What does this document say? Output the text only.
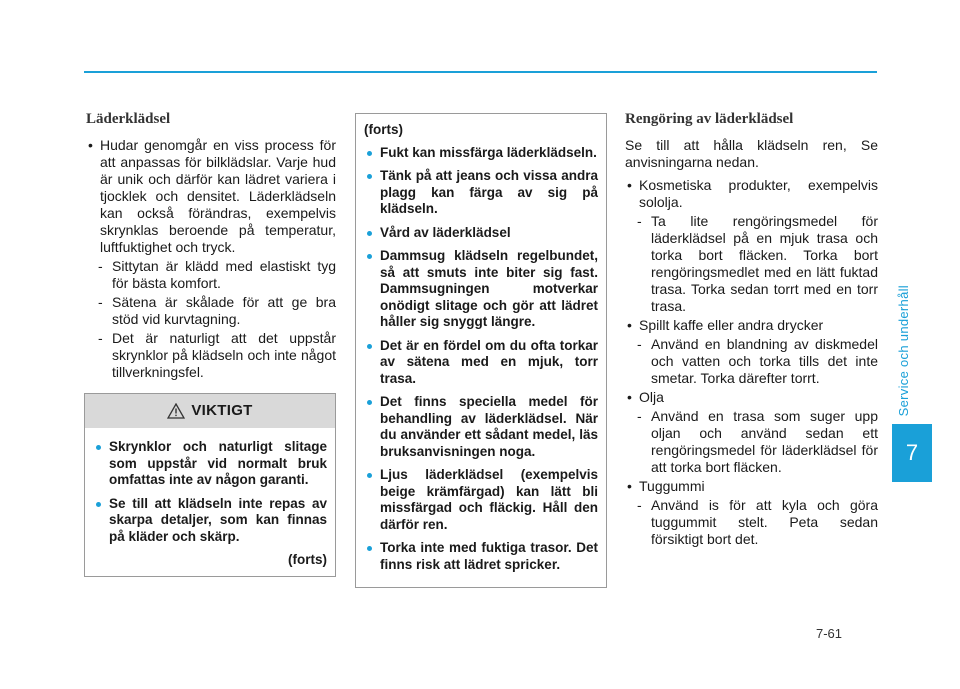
Läderklädsel
• Hudar genomgår en viss process för att anpassas för bilklädslar. Varje hud är unik och därför kan lädret variera i tjocklek och densitet. Läderklädseln kan också förändras, exempelvis skrynklas beroende på temperatur, luftfuktighet och tryck.
- Sittytan är klädd med elastiskt tyg för bästa komfort.
- Sätena är skålade för att ge bra stöd vid kurvtagning.
- Det är naturligt att det uppstår skrynklor på klädseln och inte något tillverkningsfel.
VIKTIGT
Skrynklor och naturligt slitage som uppstår vid normalt bruk omfattas inte av någon garanti.
Se till att klädseln inte repas av skarpa detaljer, som kan finnas på kläder och skärp.
(forts)
(forts)
Fukt kan missfärga läderklädseln.
Tänk på att jeans och vissa andra plagg kan färga av sig på klädseln.
Vård av läderklädsel
Dammsug klädseln regelbundet, så att smuts inte biter sig fast. Dammsugningen motverkar onödigt slitage och gör att lädret håller sig snyggt längre.
Det är en fördel om du ofta torkar av sätena med en mjuk, torr trasa.
Det finns speciella medel för behandling av läderklädsel. När du använder ett sådant medel, läs bruksanvisningen noga.
Ljus läderklädsel (exempelvis beige krämfärgad) kan lätt bli missfärgad och fläckig. Håll den därför ren.
Torka inte med fuktiga trasor. Det finns risk att lädret spricker.
Rengöring av läderklädsel

Se till att hålla klädseln ren, Se anvisningarna nedan.

• Kosmetiska produkter, exempelvis sololja.
- Ta lite rengöringsmedel för läderklädsel på en mjuk trasa och torka bort fläcken. Torka bort rengöringsmedlet med en lätt fuktad trasa. Torka sedan torrt med en torr trasa.
• Spillt kaffe eller andra drycker
- Använd en blandning av diskmedel och vatten och torka tills det inte smetar. Torka därefter torrt.
• Olja
- Använd en trasa som suger upp oljan och använd sedan ett rengöringsmedel för läderklädsel för att torka bort fläcken.
• Tuggummi
- Använd is för att kyla och göra tuggummit stelt. Peta sedan försiktigt bort det.
Service och underhåll
7
7-61
